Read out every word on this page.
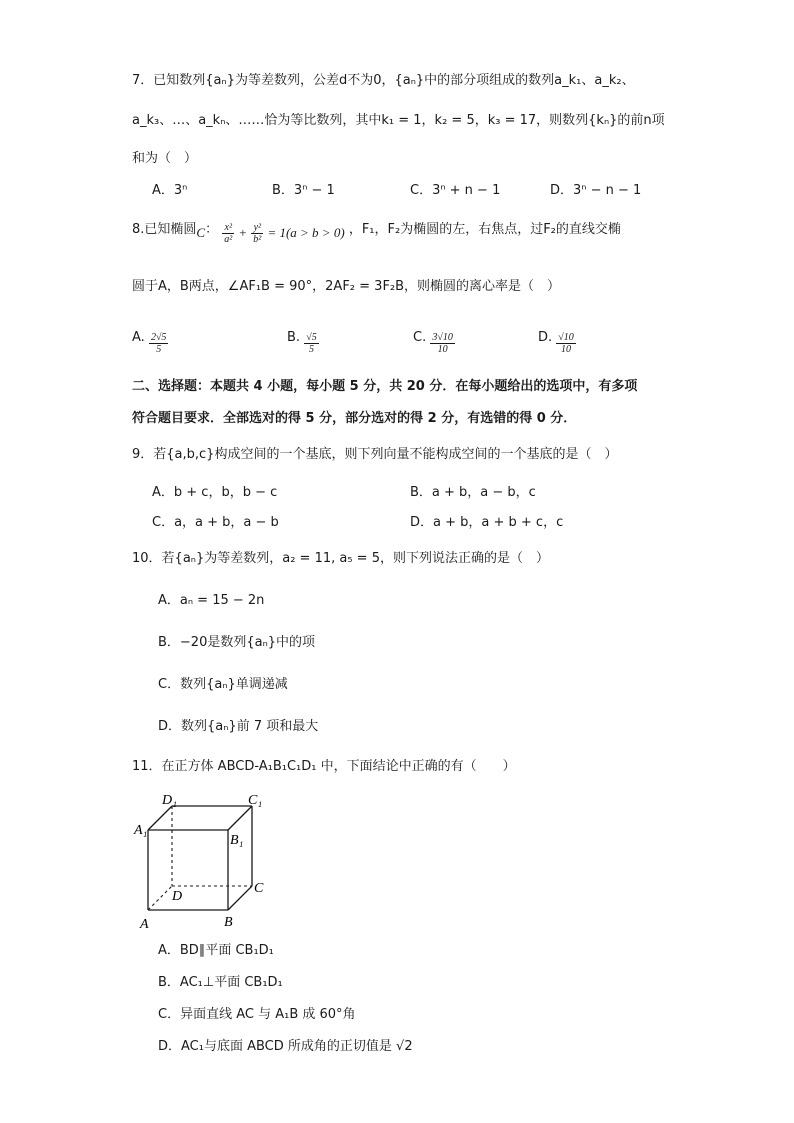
7．已知数列{aₙ}为等差数列，公差d不为0，{aₙ}中的部分项组成的数列a_k₁、a_k₂、
a_k₃、…、a_kₙ、……恰为等比数列，其中k₁ = 1，k₂ = 5，k₃ = 17，则数列{kₙ}的前n项
和为（　）
A．3ⁿ	B．3ⁿ − 1	C．3ⁿ + n − 1	D．3ⁿ − n − 1
8.已知椭圆C： $\frac{\text{x²}}{\text{a²}} + \frac{\text{y²}}{\text{b²}} = 1(a > b > 0)$ ，F₁，F₂为椭圆的左，右焦点，过F₂的直线交椭
圆于A，B两点，∠AF₁B = 90°，2AF₂ = 3F₂B，则椭圆的离心率是（　）
A. $\frac{2√5}{5}$	B. $\frac{√5}{5}$	C. $\frac{3√10}{10}$	D. $\frac{√10}{10}$
二、选择题：本题共 4 小题，每小题 5 分，共 20 分．在每小题给出的选项中，有多项
符合题目要求．全部选对的得 5 分，部分选对的得 2 分，有选错的得 0 分．
9．若{a,b,c}构成空间的一个基底，则下列向量不能构成空间的一个基底的是（　）
A．b + c，b，b − c	B．a + b，a − b，c
C．a，a + b，a − b	D．a + b，a + b + c，c
10．若{aₙ}为等差数列，a₂ = 11, a₅ = 5，则下列说法正确的是（　）
A．aₙ = 15 − 2n
B．−20是数列{aₙ}中的项
C．数列{aₙ}单调递减
D．数列{aₙ}前 7 项和最大
11．在正方体 ABCD-A₁B₁C₁D₁ 中，下面结论中正确的有（　　）
D₁	C₁
A₁
B₁
C
D
A	B
A．BD∥平面 CB₁D₁
B．AC₁⊥平面 CB₁D₁
C．异面直线 AC 与 A₁B 成 60°角
D．AC₁与底面 ABCD 所成角的正切值是 √2
